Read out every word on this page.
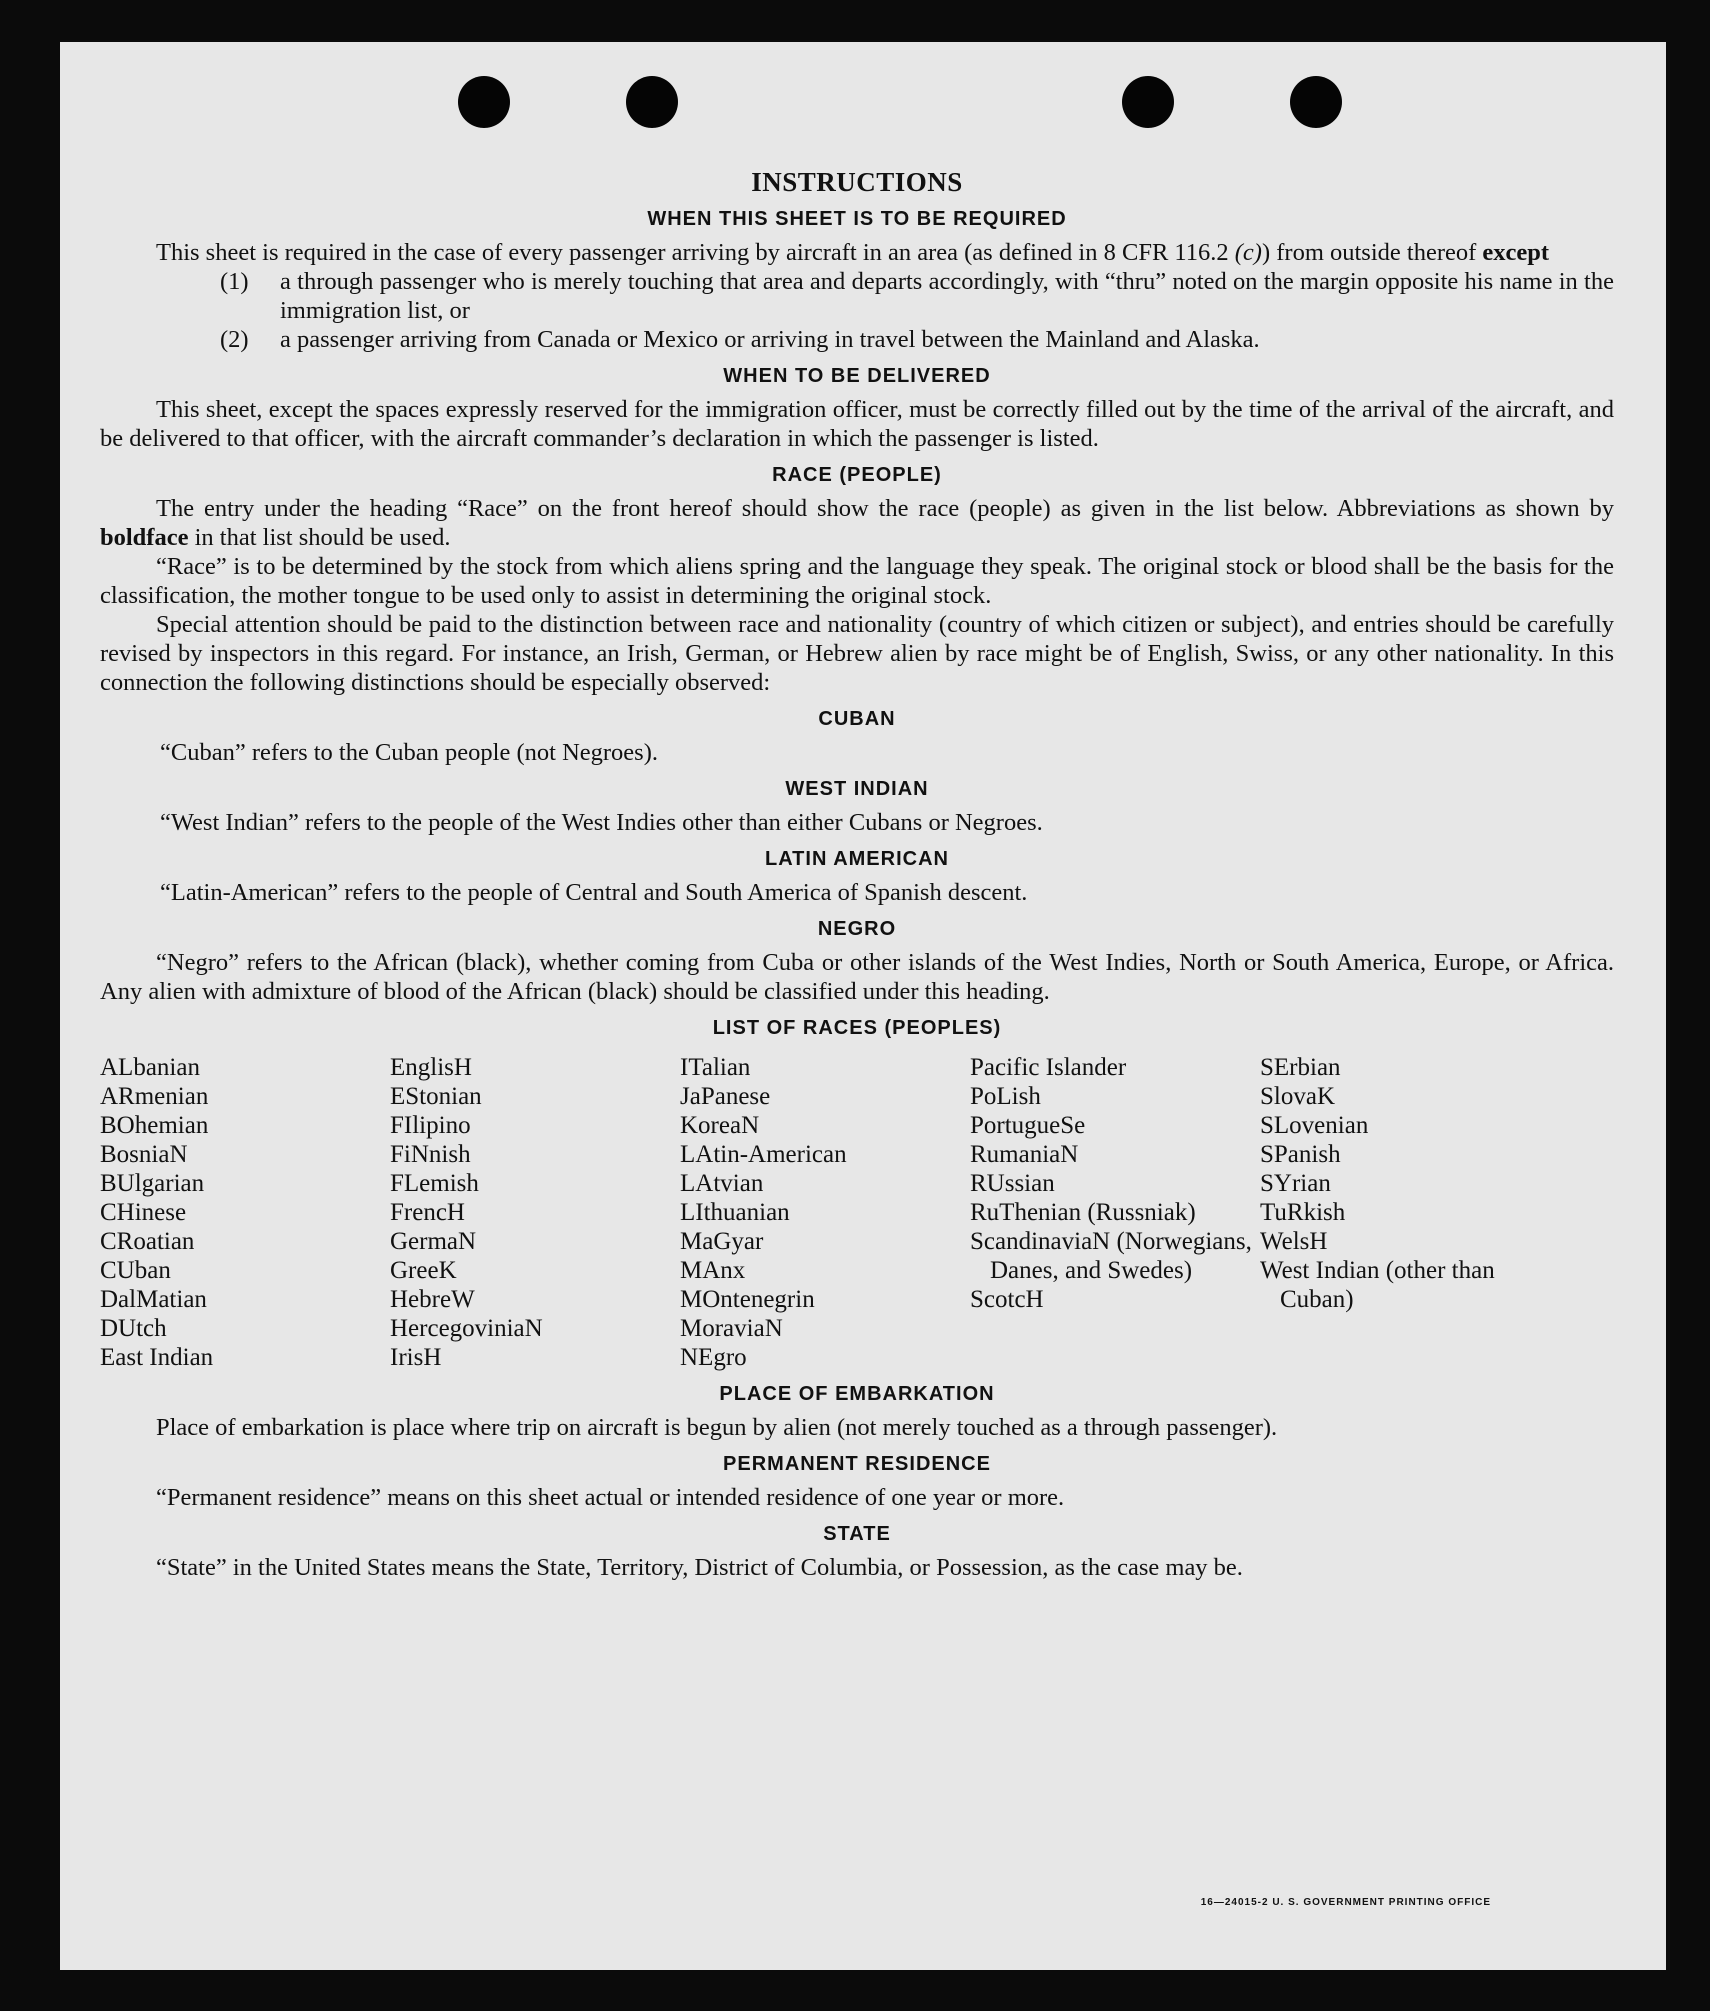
INSTRUCTIONS
WHEN THIS SHEET IS TO BE REQUIRED

This sheet is required in the case of every passenger arriving by aircraft in an area (as defined in 8 CFR 116.2 (c)) from outside thereof except

(1)	a through passenger who is merely touching that area and departs accordingly, with “thru” noted on the margin opposite his name in the immigration list, or
(2)	a passenger arriving from Canada or Mexico or arriving in travel between the Mainland and Alaska.
WHEN TO BE DELIVERED

This sheet, except the spaces expressly reserved for the immigration officer, must be correctly filled out by the time of the arrival of the aircraft, and be delivered to that officer, with the aircraft commander’s declaration in which the passenger is listed.

RACE (PEOPLE)

The entry under the heading “Race” on the front hereof should show the race (people) as given in the list below. Abbreviations as shown by boldface in that list should be used.

“Race” is to be determined by the stock from which aliens spring and the language they speak. The original stock or blood shall be the basis for the classification, the mother tongue to be used only to assist in determining the original stock.

Special attention should be paid to the distinction between race and nationality (country of which citizen or subject), and entries should be carefully revised by inspectors in this regard. For instance, an Irish, German, or Hebrew alien by race might be of English, Swiss, or any other nationality. In this connection the following distinctions should be especially observed:

CUBAN

“Cuban” refers to the Cuban people (not Negroes).

WEST INDIAN

“West Indian” refers to the people of the West Indies other than either Cubans or Negroes.

LATIN AMERICAN

“Latin-American” refers to the people of Central and South America of Spanish descent.

NEGRO

“Negro” refers to the African (black), whether coming from Cuba or other islands of the West Indies, North or South America, Europe, or Africa. Any alien with admixture of blood of the African (black) should be classified under this heading.

LIST OF RACES (PEOPLES)
ALbanian
ARmenian
BOhemian
BosniaN
BUlgarian
CHinese
CRoatian
CUban
DalMatian
DUtch
East Indian
EnglisH
EStonian
FIlipino
FiNnish
FLemish
FrencH
GermaN
GreeK
HebreW
HercegoviniaN
IrisH
ITalian
JaPanese
KoreaN
LAtin-American
LAtvian
LIthuanian
MaGyar
MAnx
MOntenegrin
MoraviaN
NEgro
Pacific Islander
PoLish
PortugueSe
RumaniaN
RUssian
RuThenian (Russniak)
ScandinaviaN (Norwegians, Danes, and Swedes)
ScotcH
SErbian
SlovaK
SLovenian
SPanish
SYrian
TuRkish
WelsH
West Indian (other than Cuban)
PLACE OF EMBARKATION

Place of embarkation is place where trip on aircraft is begun by alien (not merely touched as a through passenger).

PERMANENT RESIDENCE

“Permanent residence” means on this sheet actual or intended residence of one year or more.

STATE

“State” in the United States means the State, Territory, District of Columbia, or Possession, as the case may be.

16—24015-2 U. S. GOVERNMENT PRINTING OFFICE
